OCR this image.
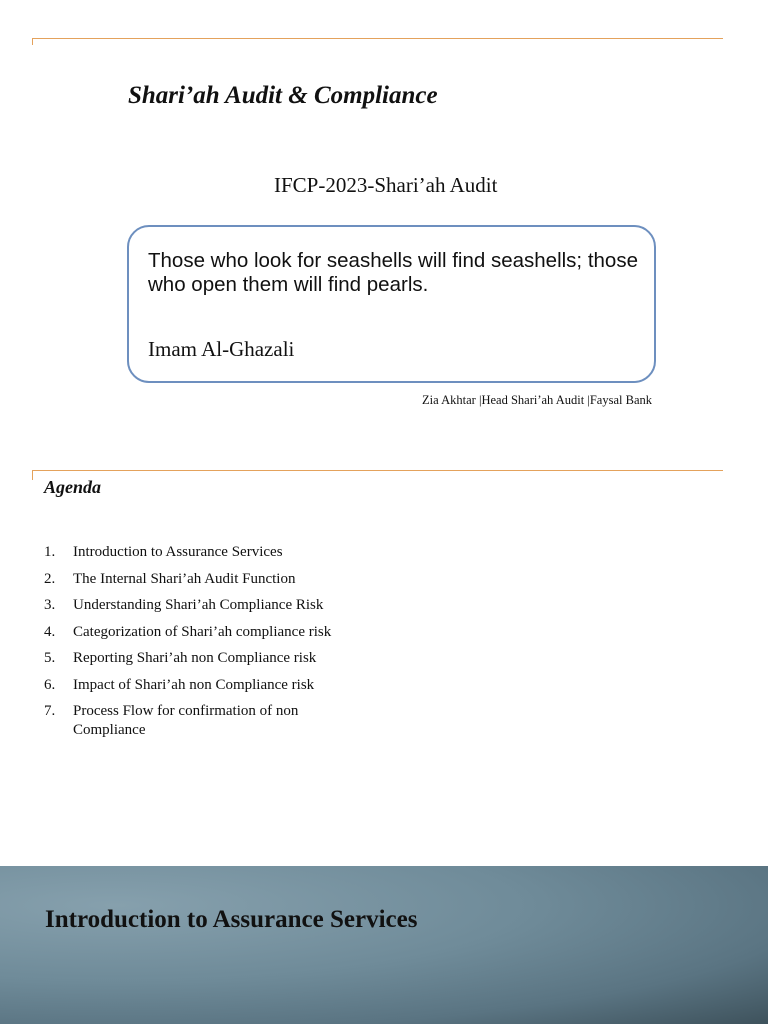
Shari’ah Audit & Compliance

IFCP-2023-Shari’ah Audit

Those who look for seashells will find seashells; those who open them will find pearls.

Imam Al-Ghazali

Zia Akhtar |Head Shari’ah Audit |Faysal Bank

Agenda
1.	Introduction to Assurance Services
2.	The Internal Shari’ah Audit Function
3.	Understanding Shari’ah Compliance Risk
4.	Categorization of Shari’ah compliance risk
5.	Reporting Shari’ah non Compliance risk
6.	Impact of Shari’ah non Compliance risk
7.	Process Flow for confirmation of non Compliance
Introduction to Assurance Services
